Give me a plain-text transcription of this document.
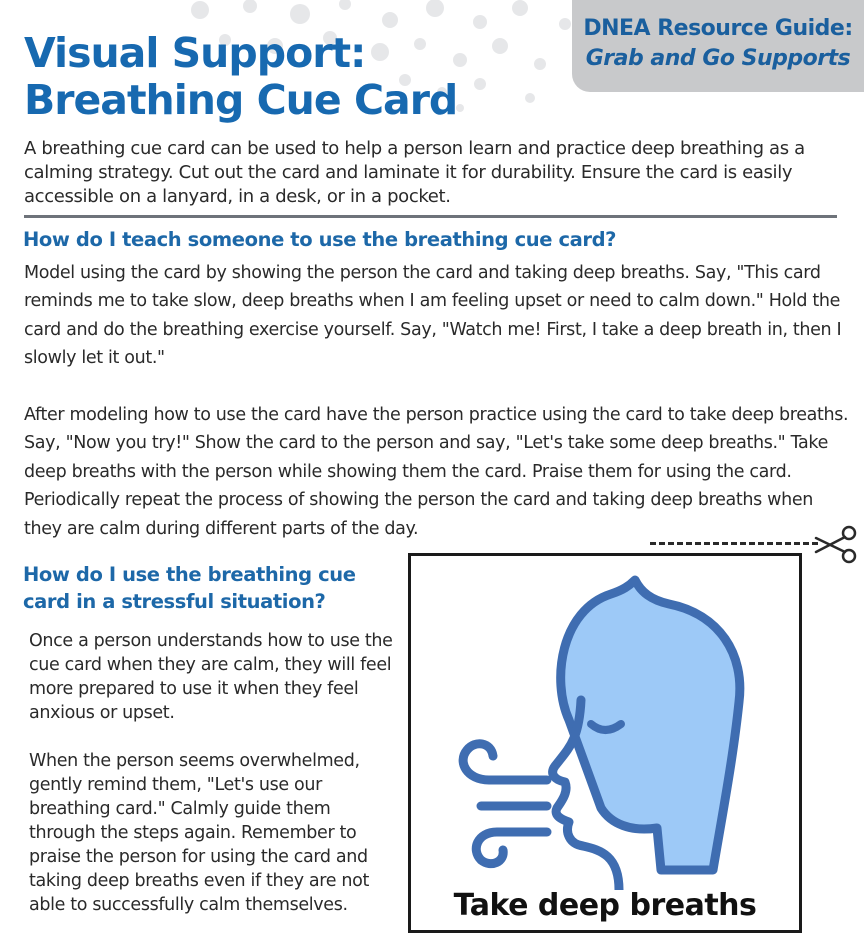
DNEA Resource Guide:
Grab and Go Supports
Visual Support:
Breathing Cue Card

A breathing cue card can be used to help a person learn and practice deep breathing as a calming strategy. Cut out the card and laminate it for durability. Ensure the card is easily accessible on a lanyard, in a desk, or in a pocket.

How do I teach someone to use the breathing cue card?

Model using the card by showing the person the card and taking deep breaths. Say, "This card reminds me to take slow, deep breaths when I am feeling upset or need to calm down." Hold the card and do the breathing exercise yourself. Say, "Watch me! First, I take a deep breath in, then I slowly let it out."

After modeling how to use the card have the person practice using the card to take deep breaths. Say, "Now you try!" Show the card to the person and say, "Let's take some deep breaths." Take deep breaths with the person while showing them the card. Praise them for using the card. Periodically repeat the process of showing the person the card and taking deep breaths when they are calm during different parts of the day.

How do I use the breathing cue
card in a stressful situation?

Once a person understands how to use the cue card when they are calm, they will feel more prepared to use it when they feel anxious or upset.

When the person seems overwhelmed, gently remind them, "Let's use our breathing card." Calmly guide them through the steps again. Remember to praise the person for using the card and taking deep breaths even if they are not able to successfully calm themselves.	Take deep breaths
